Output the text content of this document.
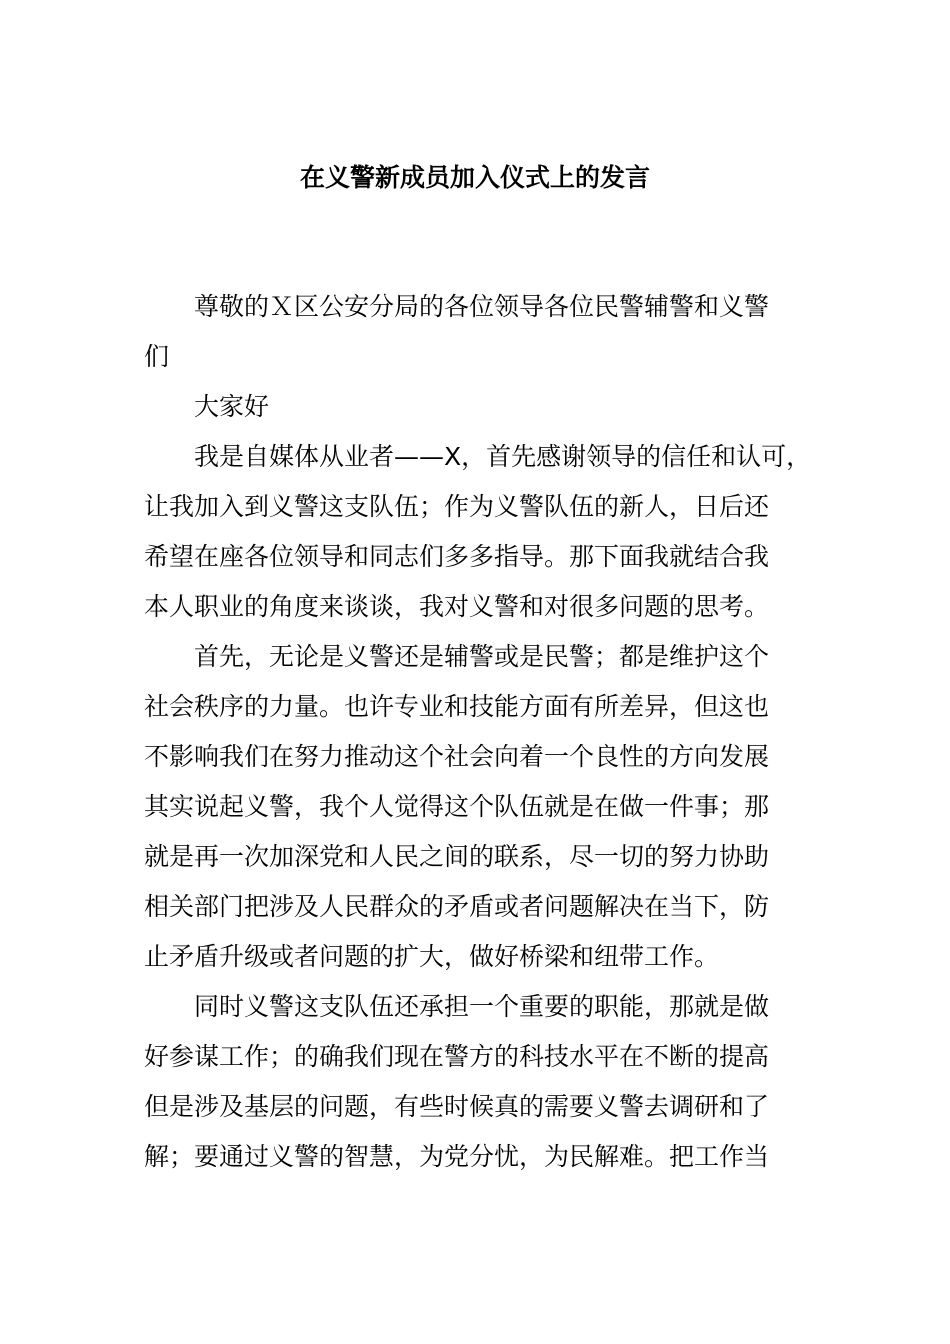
在义警新成员加入仪式上的发言
尊敬的Ｘ区公安分局的各位领导各位民警辅警和义警
们
大家好
我是自媒体从业者——X，首先感谢领导的信任和认可，
让我加入到义警这支队伍；作为义警队伍的新人，日后还
希望在座各位领导和同志们多多指导。那下面我就结合我
本人职业的角度来谈谈，我对义警和对很多问题的思考。
首先，无论是义警还是辅警或是民警；都是维护这个
社会秩序的力量。也许专业和技能方面有所差异，但这也
不影响我们在努力推动这个社会向着一个良性的方向发展
其实说起义警，我个人觉得这个队伍就是在做一件事；那
就是再一次加深党和人民之间的联系，尽一切的努力协助
相关部门把涉及人民群众的矛盾或者问题解决在当下，防
止矛盾升级或者问题的扩大，做好桥梁和纽带工作。
同时义警这支队伍还承担一个重要的职能，那就是做
好参谋工作；的确我们现在警方的科技水平在不断的提高
但是涉及基层的问题，有些时候真的需要义警去调研和了
解；要通过义警的智慧，为党分忧，为民解难。把工作当
